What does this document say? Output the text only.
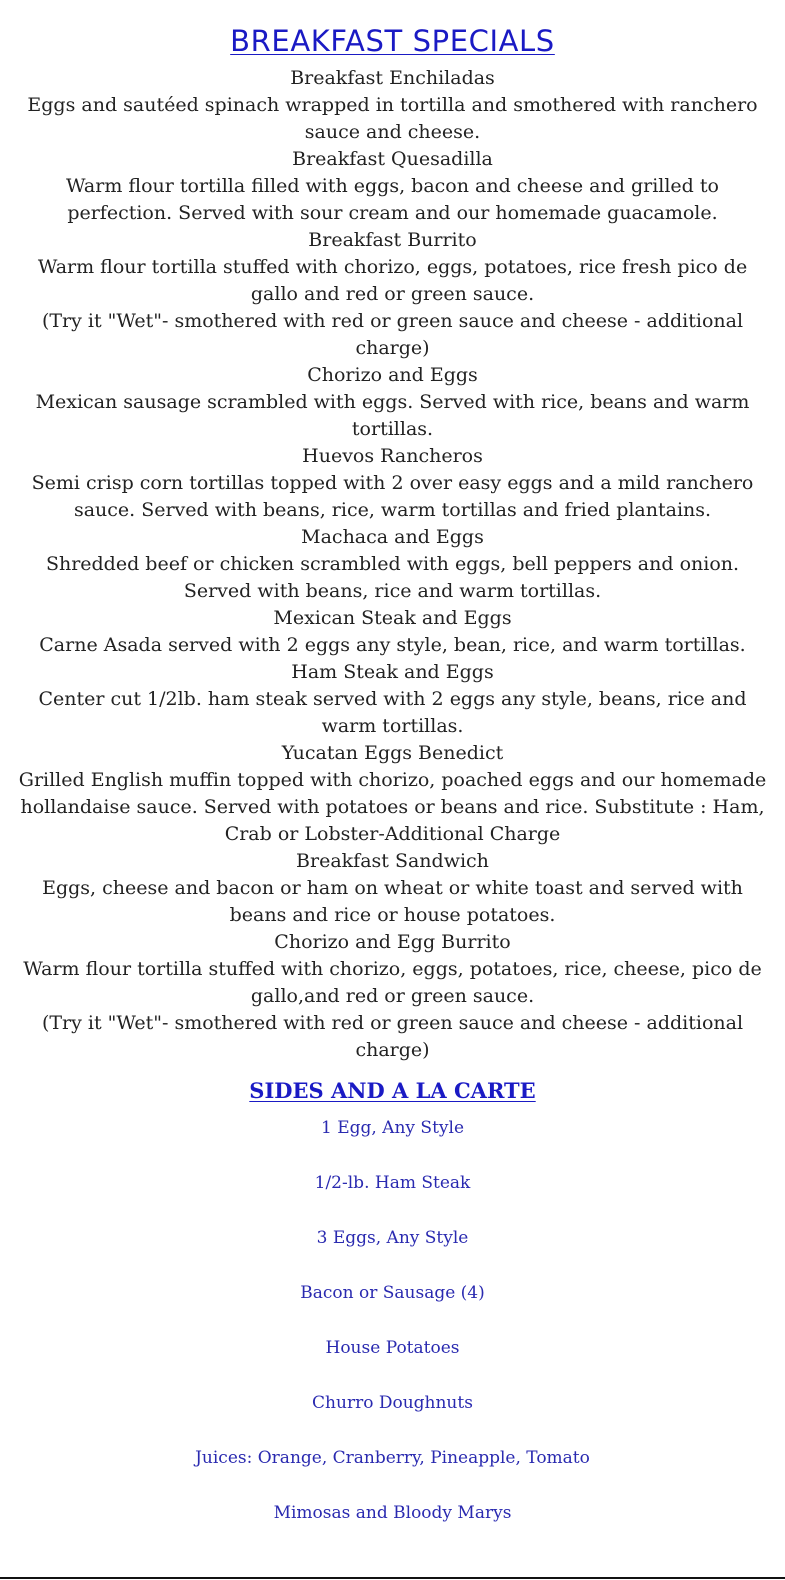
BREAKFAST SPECIALS
Breakfast Enchiladas
Eggs and sautéed spinach wrapped in tortilla and smothered with ranchero sauce and cheese.
Breakfast Quesadilla
Warm flour tortilla filled with eggs, bacon and cheese and grilled to perfection. Served with sour cream and our homemade guacamole.
Breakfast Burrito
Warm flour tortilla stuffed with chorizo, eggs, potatoes, rice fresh pico de gallo and red or green sauce.
(Try it "Wet"- smothered with red or green sauce and cheese - additional charge)
Chorizo and Eggs
Mexican sausage scrambled with eggs. Served with rice, beans and warm tortillas.
Huevos Rancheros
Semi crisp corn tortillas topped with 2 over easy eggs and a mild ranchero sauce. Served with beans, rice, warm tortillas and fried plantains.
Machaca and Eggs
Shredded beef or chicken scrambled with eggs, bell peppers and onion. Served with beans, rice and warm tortillas.
Mexican Steak and Eggs
Carne Asada served with 2 eggs any style, bean, rice, and warm tortillas.
Ham Steak and Eggs
Center cut 1/2lb. ham steak served with 2 eggs any style, beans, rice and warm tortillas.
Yucatan Eggs Benedict
Grilled English muffin topped with chorizo, poached eggs and our homemade hollandaise sauce. Served with potatoes or beans and rice. Substitute : Ham, Crab or Lobster-Additional Charge
Breakfast Sandwich
Eggs, cheese and bacon or ham on wheat or white toast and served with beans and rice or house potatoes.
Chorizo and Egg Burrito
Warm flour tortilla stuffed with chorizo, eggs, potatoes, rice, cheese, pico de gallo,and red or green sauce.
(Try it "Wet"- smothered with red or green sauce and cheese - additional charge)
SIDES AND A LA CARTE
1 Egg, Any Style
1/2-lb. Ham Steak
3 Eggs, Any Style
Bacon or Sausage (4)
House Potatoes
Churro Doughnuts
Juices: Orange, Cranberry, Pineapple, Tomato
Mimosas and Bloody Marys
